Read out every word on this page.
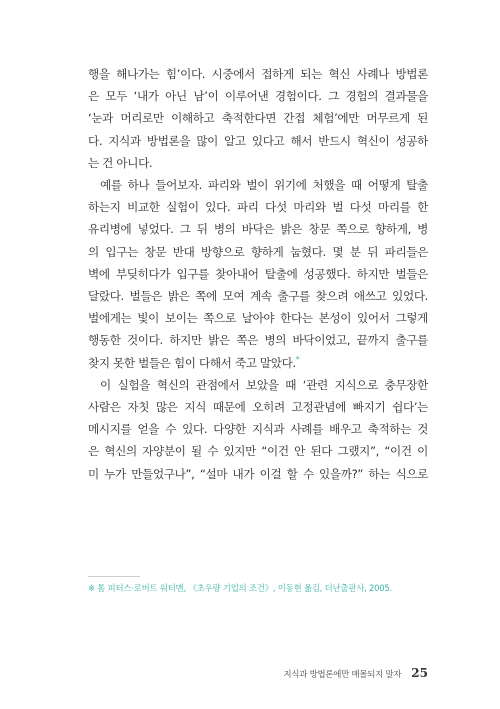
행을 해나가는 힘’이다. 시중에서 접하게 되는 혁신 사례나 방법론
은 모두 ‘내가 아닌 남’이 이루어낸 경험이다. 그 경험의 결과물을
‘눈과 머리로만 이해하고 축적한다면 간접 체험’에만 머무르게 된
다. 지식과 방법론을 많이 알고 있다고 해서 반드시 혁신이 성공하
는 건 아니다.

예를 하나 들어보자. 파리와 벌이 위기에 처했을 때 어떻게 탈출
하는지 비교한 실험이 있다. 파리 다섯 마리와 벌 다섯 마리를 한
유리병에 넣었다. 그 뒤 병의 바닥은 밝은 창문 쪽으로 향하게, 병
의 입구는 창문 반대 방향으로 향하게 눕혔다. 몇 분 뒤 파리들은
벽에 부딪히다가 입구를 찾아내어 탈출에 성공했다. 하지만 벌들은
달랐다. 벌들은 밝은 쪽에 모여 계속 출구를 찾으려 애쓰고 있었다.
벌에게는 빛이 보이는 쪽으로 날아야 한다는 본성이 있어서 그렇게
행동한 것이다. 하지만 밝은 쪽은 병의 바닥이었고, 끝까지 출구를
찾지 못한 벌들은 힘이 다해서 죽고 말았다.*

이 실험을 혁신의 관점에서 보았을 때 ‘관련 지식으로 충무장한
사람은 자칫 많은 지식 때문에 오히려 고정관념에 빠지기 쉽다’는
메시지를 얻을 수 있다. 다양한 지식과 사례를 배우고 축적하는 것
은 혁신의 자양분이 될 수 있지만 “이건 안 된다 그랬지”, “이건 이
미 누가 만들었구나”, “설마 내가 이걸 할 수 있을까?” 하는 식으로

※ 톰 피터스·로버트 워터맨, 《초우량 기업의 조건》, 이동현 옮김, 더난출판사, 2005.
지식과 방법론에만 매몰되지 말자 25
